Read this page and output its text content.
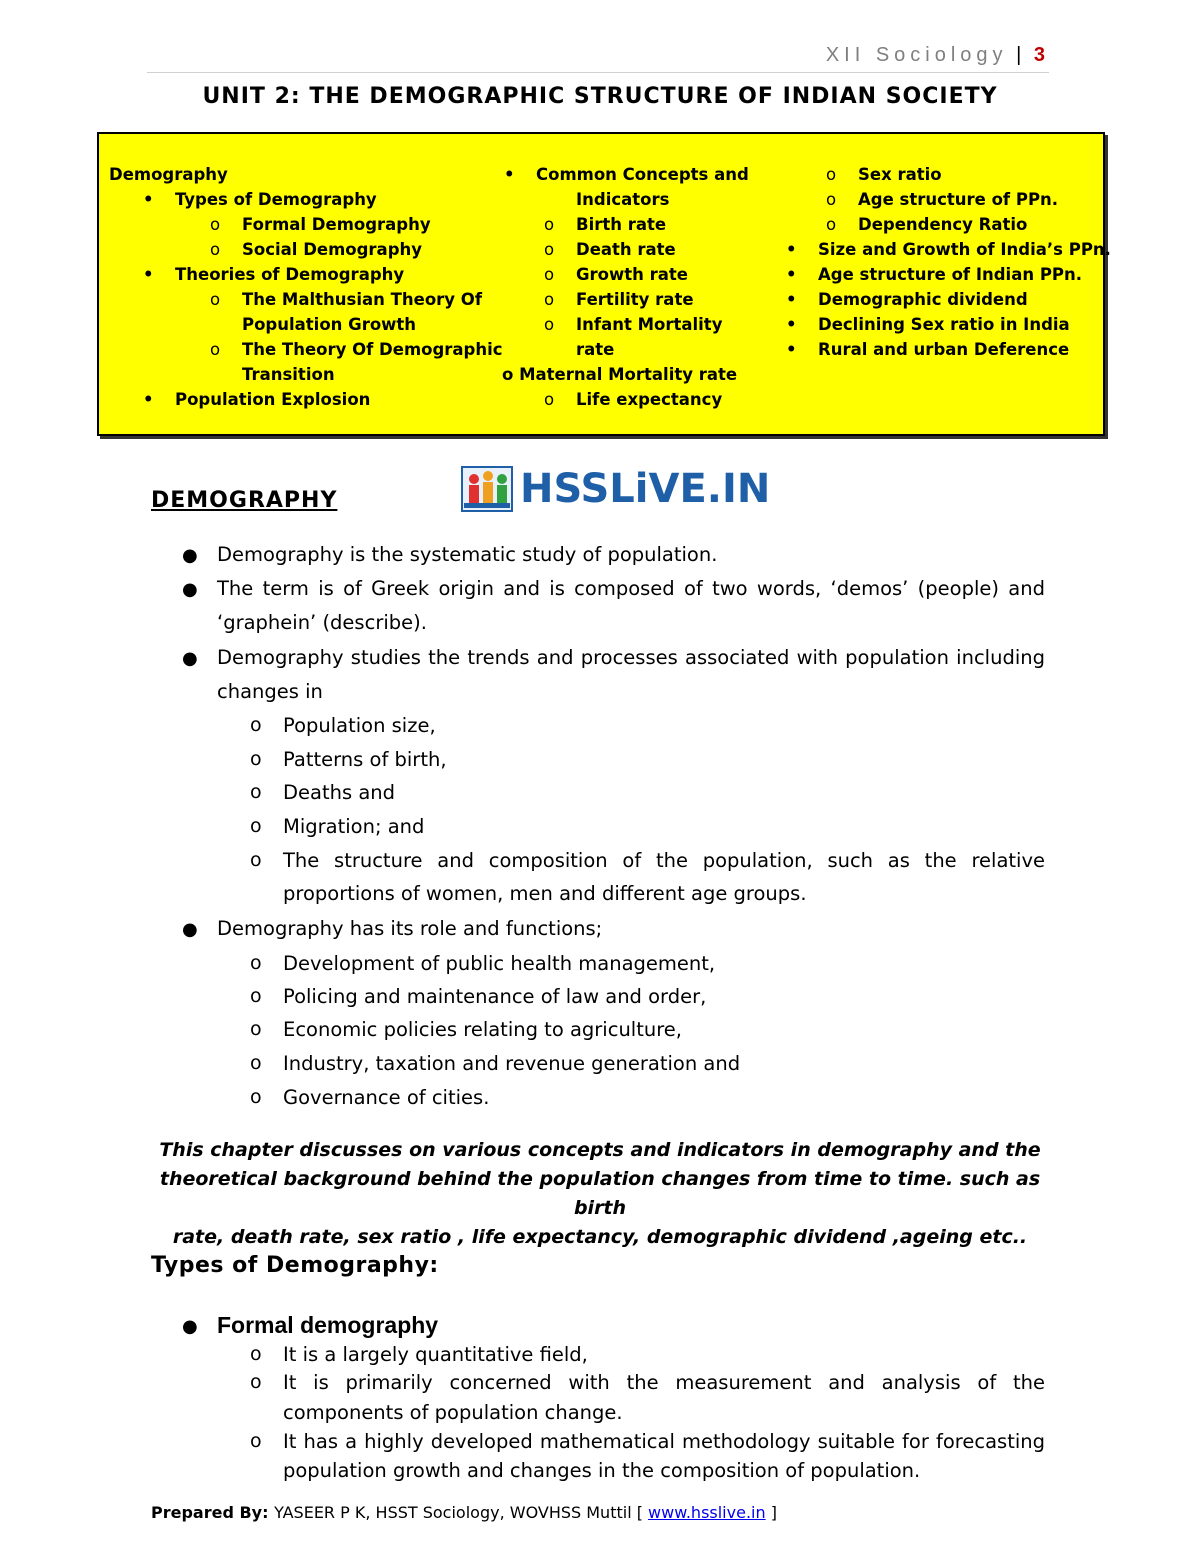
XII Sociology | 3
UNIT 2: THE DEMOGRAPHIC STRUCTURE OF INDIAN SOCIETY
Demography
• Types of Demography
o Formal Demography
o Social Demography
• Theories of Demography
o The Malthusian Theory Of
Population Growth
o The Theory Of Demographic
Transition
• Population Explosion
• Common Concepts and
Indicators
o Birth rate
o Death rate
o Growth rate
o Fertility rate
o Infant Mortality
rate
o Maternal Mortality rate
o Life expectancy
o Sex ratio
o Age structure of PPn.
o Dependency Ratio
• Size and Growth of India’s PPn.
• Age structure of Indian PPn.
• Demographic dividend
• Declining Sex ratio in India
• Rural and urban Deference
HSSLiVE.IN
DEMOGRAPHY
● Demography is the systematic study of population.
● The term is of Greek origin and is composed of two words, ‘demos’ (people) and
‘graphein’ (describe).
● Demography studies the trends and processes associated with population including
changes in
o Population size,
o Patterns of birth,
o Deaths and
o Migration; and
o The structure and composition of the population, such as the relative
proportions of women, men and different age groups.
● Demography has its role and functions;
o Development of public health management,
o Policing and maintenance of law and order,
o Economic policies relating to agriculture,
o Industry, taxation and revenue generation and
o Governance of cities.
This chapter discusses on various concepts and indicators in demography and the
theoretical background behind the population changes from time to time. such as birth
rate, death rate, sex ratio , life expectancy, demographic dividend ,ageing etc..
Types of Demography:
● Formal demography
o It is a largely quantitative field,
o It is primarily concerned with the measurement and analysis of the
components of population change.
o It has a highly developed mathematical methodology suitable for forecasting
population growth and changes in the composition of population.
Prepared By: YASEER P K, HSST Sociology, WOVHSS Muttil [ www.hsslive.in ]
